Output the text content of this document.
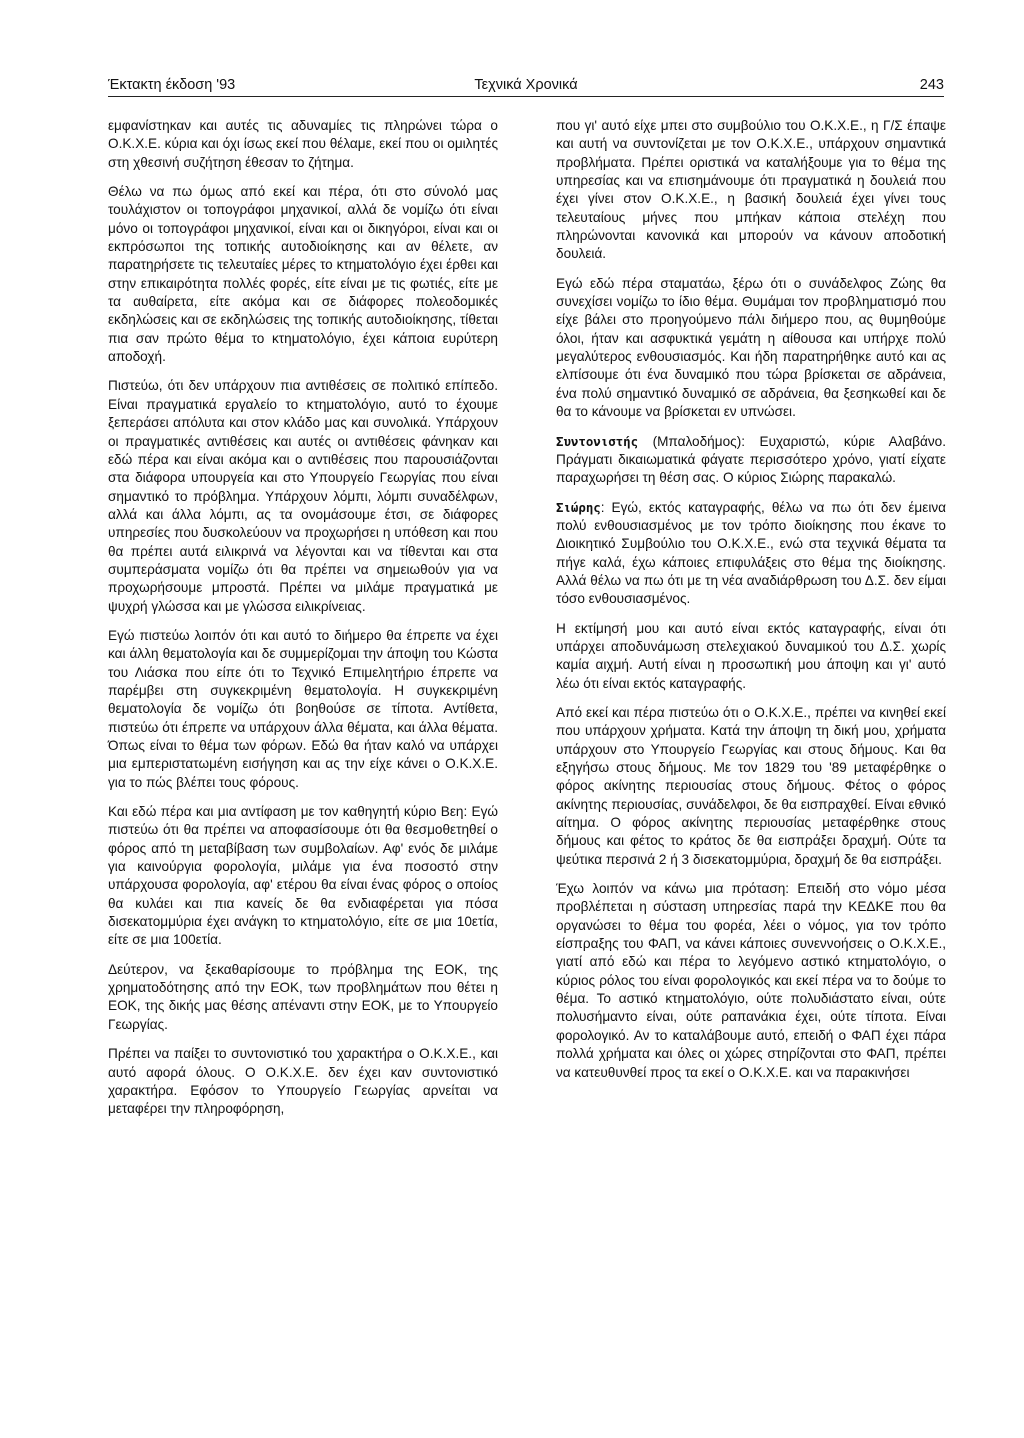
Τεχνικά Χρονικά
Έκτακτη έκδοση '93	243

εμφανίστηκαν και αυτές τις αδυναμίες τις πληρώνει τώρα ο Ο.Κ.Χ.Ε. κύρια και όχι ίσως εκεί που θέλαμε, εκεί που οι ομιλητές στη χθεσινή συζήτηση έθεσαν το ζήτημα.

Θέλω να πω όμως από εκεί και πέρα, ότι στο σύνολό μας τουλάχιστον οι τοπογράφοι μηχανικοί, αλλά δε νομίζω ότι είναι μόνο οι τοπογράφοι μηχανικοί, είναι και οι δικηγόροι, είναι και οι εκπρόσωποι της τοπικής αυτοδιοίκησης και αν θέλετε, αν παρατηρήσετε τις τελευταίες μέρες το κτηματολόγιο έχει έρθει και στην επικαιρότητα πολλές φορές, είτε είναι με τις φωτιές, είτε με τα αυθαίρετα, είτε ακόμα και σε διάφορες πολεοδομικές εκδηλώσεις και σε εκδηλώσεις της τοπικής αυτοδιοίκησης, τίθεται πια σαν πρώτο θέμα το κτηματολόγιο, έχει κάποια ευρύτερη αποδοχή.

Πιστεύω, ότι δεν υπάρχουν πια αντιθέσεις σε πολιτικό επίπεδο. Είναι πραγματικά εργαλείο το κτηματολόγιο, αυτό το έχουμε ξεπεράσει απόλυτα και στον κλάδο μας και συνολικά. Υπάρχουν οι πραγματικές αντιθέσεις και αυτές οι αντιθέσεις φάνηκαν και εδώ πέρα και είναι ακόμα και ο αντιθέσεις που παρουσιάζονται στα διάφορα υπουργεία και στο Υπουργείο Γεωργίας που είναι σημαντικό το πρόβλημα. Υπάρχουν λόμπι, λόμπι συναδέλφων, αλλά και άλλα λόμπι, ας τα ονομάσουμε έτσι, σε διάφορες υπηρεσίες που δυσκολεύουν να προχωρήσει η υπόθεση και που θα πρέπει αυτά ειλικρινά να λέγονται και να τίθενται και στα συμπεράσματα νομίζω ότι θα πρέπει να σημειωθούν για να προχωρήσουμε μπροστά. Πρέπει να μιλάμε πραγματικά με ψυχρή γλώσσα και με γλώσσα ειλικρίνειας.

Εγώ πιστεύω λοιπόν ότι και αυτό το διήμερο θα έπρεπε να έχει και άλλη θεματολογία και δε συμμερίζομαι την άποψη του Κώστα του Λιάσκα που είπε ότι το Τεχνικό Επιμελητήριο έπρεπε να παρέμβει στη συγκεκριμένη θεματολογία. Η συγκεκριμένη θεματολογία δε νομίζω ότι βοηθούσε σε τίποτα. Αντίθετα, πιστεύω ότι έπρεπε να υπάρχουν άλλα θέματα, και άλλα θέματα. Όπως είναι το θέμα των φόρων. Εδώ θα ήταν καλό να υπάρχει μια εμπεριστατωμένη εισήγηση και ας την είχε κάνει ο Ο.Κ.Χ.Ε. για το πώς βλέπει τους φόρους.

Και εδώ πέρα και μια αντίφαση με τον καθηγητή κύριο Βεη: Εγώ πιστεύω ότι θα πρέπει να αποφασίσουμε ότι θα θεσμοθετηθεί ο φόρος από τη μεταβίβαση των συμβολαίων. Αφ' ενός δε μιλάμε για καινούργια φορολογία, μιλάμε για ένα ποσοστό στην υπάρχουσα φορολογία, αφ' ετέρου θα είναι ένας φόρος ο οποίος θα κυλάει και πια κανείς δε θα ενδιαφέρεται για πόσα δισεκατομμύρια έχει ανάγκη το κτηματολόγιο, είτε σε μια 10ετία, είτε σε μια 100ετία.

Δεύτερον, να ξεκαθαρίσουμε το πρόβλημα της ΕΟΚ, της χρηματοδότησης από την ΕΟΚ, των προβλημάτων που θέτει η ΕΟΚ, της δικής μας θέσης απέναντι στην ΕΟΚ, με το Υπουργείο Γεωργίας.

Πρέπει να παίξει το συντονιστικό του χαρακτήρα ο Ο.Κ.Χ.Ε., και αυτό αφορά όλους. Ο Ο.Κ.Χ.Ε. δεν έχει καν συντονιστικό χαρακτήρα. Εφόσον το Υπουργείο Γεωργίας αρνείται να μεταφέρει την πληροφόρηση,

που γι' αυτό είχε μπει στο συμβούλιο του Ο.Κ.Χ.Ε., η Γ/Σ έπαψε και αυτή να συντονίζεται με τον Ο.Κ.Χ.Ε., υπάρχουν σημαντικά προβλήματα. Πρέπει οριστικά να καταλήξουμε για το θέμα της υπηρεσίας και να επισημάνουμε ότι πραγματικά η δουλειά που έχει γίνει στον Ο.Κ.Χ.Ε., η βασική δουλειά έχει γίνει τους τελευταίους μήνες που μπήκαν κάποια στελέχη που πληρώνονται κανονικά και μπορούν να κάνουν αποδοτική δουλειά.

Εγώ εδώ πέρα σταματάω, ξέρω ότι ο συνάδελφος Ζώης θα συνεχίσει νομίζω το ίδιο θέμα. Θυμάμαι τον προβληματισμό που είχε βάλει στο προηγούμενο πάλι διήμερο που, ας θυμηθούμε όλοι, ήταν και ασφυκτικά γεμάτη η αίθουσα και υπήρχε πολύ μεγαλύτερος ενθουσιασμός. Και ήδη παρατηρήθηκε αυτό και ας ελπίσουμε ότι ένα δυναμικό που τώρα βρίσκεται σε αδράνεια, ένα πολύ σημαντικό δυναμικό σε αδράνεια, θα ξεσηκωθεί και δε θα το κάνουμε να βρίσκεται εν υπνώσει.

Συντονιστής (Μπαλοδήμος): Ευχαριστώ, κύριε Αλαβάνο. Πράγματι δικαιωματικά φάγατε περισσότερο χρόνο, γιατί είχατε παραχωρήσει τη θέση σας. Ο κύριος Σιώρης παρακαλώ.

Σιώρης: Εγώ, εκτός καταγραφής, θέλω να πω ότι δεν έμεινα πολύ ενθουσιασμένος με τον τρόπο διοίκησης που έκανε το Διοικητικό Συμβούλιο του Ο.Κ.Χ.Ε., ενώ στα τεχνικά θέματα τα πήγε καλά, έχω κάποιες επιφυλάξεις στο θέμα της διοίκησης. Αλλά θέλω να πω ότι με τη νέα αναδιάρθρωση του Δ.Σ. δεν είμαι τόσο ενθουσιασμένος.

Η εκτίμησή μου και αυτό είναι εκτός καταγραφής, είναι ότι υπάρχει αποδυνάμωση στελεχιακού δυναμικού του Δ.Σ. χωρίς καμία αιχμή. Αυτή είναι η προσωπική μου άποψη και γι' αυτό λέω ότι είναι εκτός καταγραφής.

Από εκεί και πέρα πιστεύω ότι ο Ο.Κ.Χ.Ε., πρέπει να κινηθεί εκεί που υπάρχουν χρήματα. Κατά την άποψη τη δική μου, χρήματα υπάρχουν στο Υπουργείο Γεωργίας και στους δήμους. Και θα εξηγήσω στους δήμους. Με τον 1829 του '89 μεταφέρθηκε ο φόρος ακίνητης περιουσίας στους δήμους. Φέτος ο φόρος ακίνητης περιουσίας, συνάδελφοι, δε θα εισπραχθεί. Είναι εθνικό αίτημα. Ο φόρος ακίνητης περιουσίας μεταφέρθηκε στους δήμους και φέτος το κράτος δε θα εισπράξει δραχμή. Ούτε τα ψεύτικα περσινά 2 ή 3 δισεκατομμύρια, δραχμή δε θα εισπράξει.

Έχω λοιπόν να κάνω μια πρόταση: Επειδή στο νόμο μέσα προβλέπεται η σύσταση υπηρεσίας παρά την ΚΕΔΚΕ που θα οργανώσει το θέμα του φορέα, λέει ο νόμος, για τον τρόπο είσπραξης του ΦΑΠ, να κάνει κάποιες συνεννοήσεις ο Ο.Κ.Χ.Ε., γιατί από εδώ και πέρα το λεγόμενο αστικό κτηματολόγιο, ο κύριος ρόλος του είναι φορολογικός και εκεί πέρα να το δούμε το θέμα. Το αστικό κτηματολόγιο, ούτε πολυδιάστατο είναι, ούτε πολυσήμαντο είναι, ούτε ραπανάκια έχει, ούτε τίποτα. Είναι φορολογικό. Αν το καταλάβουμε αυτό, επειδή ο ΦΑΠ έχει πάρα πολλά χρήματα και όλες οι χώρες στηρίζονται στο ΦΑΠ, πρέπει να κατευθυνθεί προς τα εκεί ο Ο.Κ.Χ.Ε. και να παρακινήσει
